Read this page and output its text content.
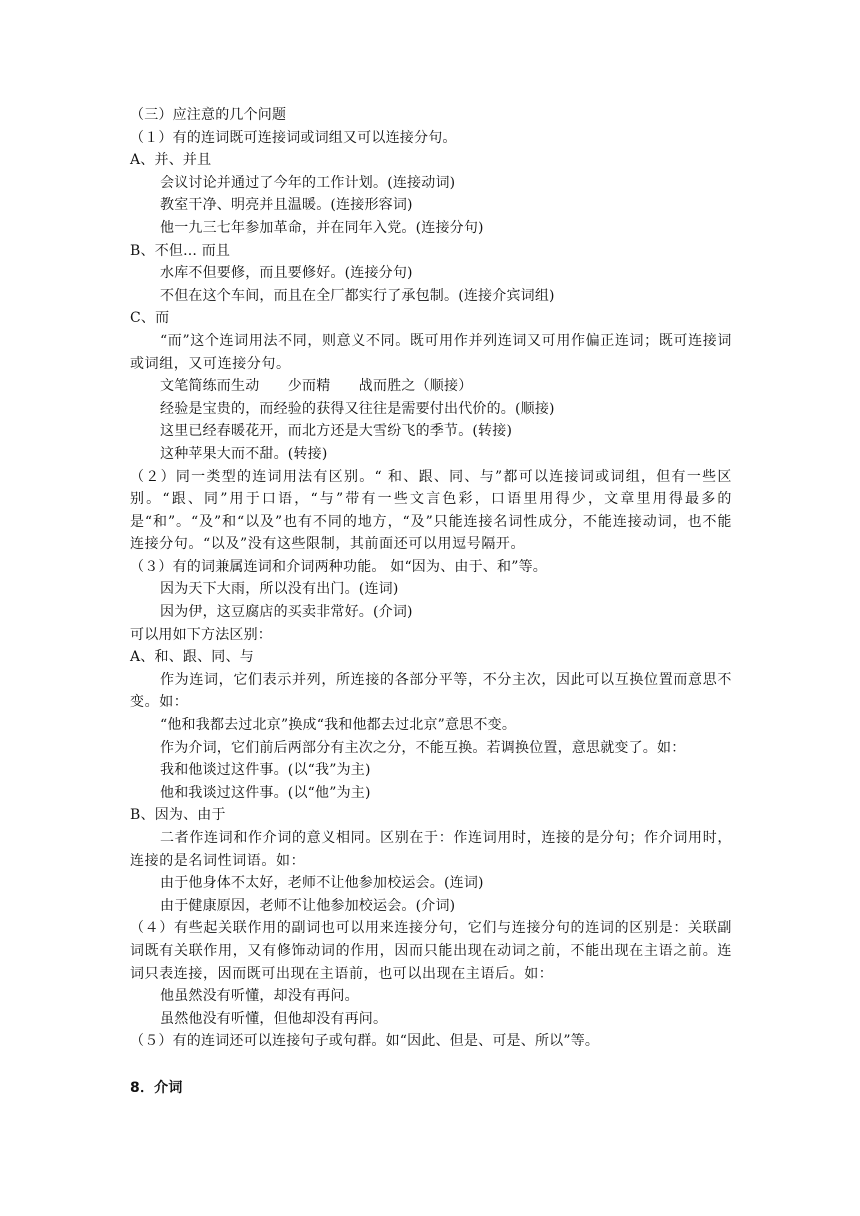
（三）应注意的几个问题
（１）有的连词既可连接词或词组又可以连接分句。
A、并、并且
会议讨论并通过了今年的工作计划。(连接动词)
教室干净、明亮并且温暖。(连接形容词)
他一九三七年参加革命，并在同年入党。(连接分句)
B、不但... 而且
水库不但要修，而且要修好。(连接分句)
不但在这个车间，而且在全厂都实行了承包制。(连接介宾词组)
C、而
“而”这个连词用法不同，则意义不同。既可用作并列连词又可用作偏正连词；既可连接词或词组，又可连接分句。
文笔简练而生动　　少而精　　战而胜之（顺接）
经验是宝贵的，而经验的获得又往往是需要付出代价的。(顺接)
这里已经春暖花开，而北方还是大雪纷飞的季节。(转接)
这种苹果大而不甜。(转接)
（２）同一类型的连词用法有区别。“ 和、跟、同、与”都可以连接词或词组，但有一些区别。“跟、同”用于口语，“与”带有一些文言色彩，口语里用得少，文章里用得最多的是“和”。“及”和“以及”也有不同的地方，“及”只能连接名词性成分，不能连接动词，也不能连接分句。“以及”没有这些限制，其前面还可以用逗号隔开。
（３）有的词兼属连词和介词两种功能。 如“因为、由于、和”等。
因为天下大雨，所以没有出门。(连词)
因为伊，这豆腐店的买卖非常好。(介词)
可以用如下方法区别：
A、和、跟、同、与
作为连词，它们表示并列，所连接的各部分平等，不分主次，因此可以互换位置而意思不变。如：
“他和我都去过北京”换成“我和他都去过北京”意思不变。
作为介词，它们前后两部分有主次之分，不能互换。若调换位置，意思就变了。如：
我和他谈过这件事。(以“我”为主)
他和我谈过这件事。(以“他”为主)
B、因为、由于
二者作连词和作介词的意义相同。区别在于：作连词用时，连接的是分句；作介词用时，连接的是名词性词语。如：
由于他身体不太好，老师不让他参加校运会。(连词)
由于健康原因，老师不让他参加校运会。(介词)
（４）有些起关联作用的副词也可以用来连接分句，它们与连接分句的连词的区别是：关联副词既有关联作用，又有修饰动词的作用，因而只能出现在动词之前，不能出现在主语之前。连词只表连接，因而既可出现在主语前，也可以出现在主语后。如：
他虽然没有听懂，却没有再问。
虽然他没有听懂，但他却没有再问。
（５）有的连词还可以连接句子或句群。如“因此、但是、可是、所以”等。
8．介词
